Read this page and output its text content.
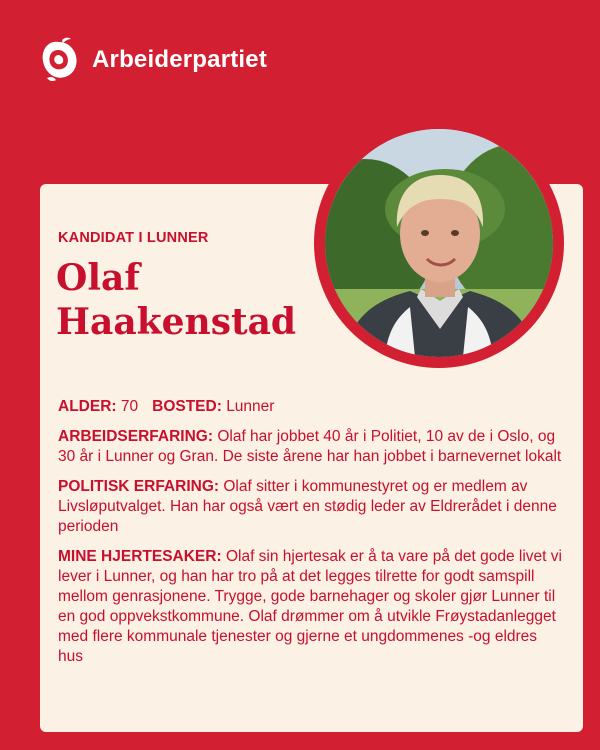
Arbeiderpartiet
KANDIDAT I LUNNER
Olaf
Haakenstad

ALDER: 70 BOSTED: Lunner

ARBEIDSERFARING: Olaf har jobbet 40 år i Politiet, 10 av de i Oslo, og 30 år i Lunner og Gran. De siste årene har han jobbet i barnevernet lokalt

POLITISK ERFARING: Olaf sitter i kommunestyret og er medlem av Livsløputvalget. Han har også vært en stødig leder av Eldrerådet i denne perioden

MINE HJERTESAKER: Olaf sin hjertesak er å ta vare på det gode livet vi lever i Lunner, og han har tro på at det legges tilrette for godt samspill mellom genrasjonene. Trygge, gode barnehager og skoler gjør Lunner til en god oppvekstkommune. Olaf drømmer om å utvikle Frøystadanlegget med flere kommunale tjenester og gjerne et ungdommenes -og eldres hus
